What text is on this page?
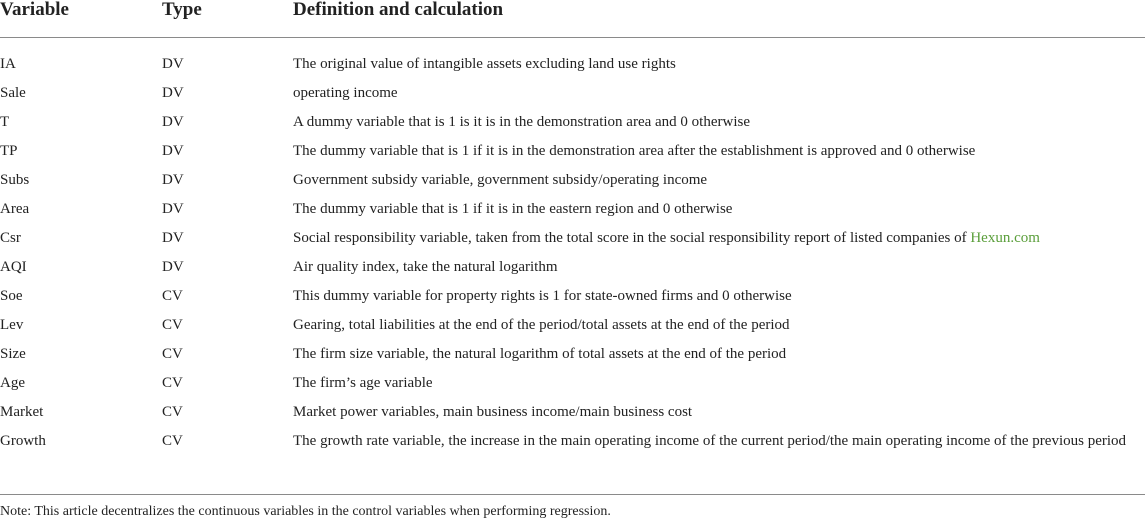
Variable	Type	Definition and calculation
IA	DV	The original value of intangible assets excluding land use rights
Sale	DV	operating income
T	DV	A dummy variable that is 1 is it is in the demonstration area and 0 otherwise
TP	DV	The dummy variable that is 1 if it is in the demonstration area after the establishment is approved and 0 otherwise
Subs	DV	Government subsidy variable, government subsidy/operating income
Area	DV	The dummy variable that is 1 if it is in the eastern region and 0 otherwise
Csr	DV	Social responsibility variable, taken from the total score in the social responsibility report of listed companies of Hexun.com
AQI	DV	Air quality index, take the natural logarithm
Soe	CV	This dummy variable for property rights is 1 for state-owned firms and 0 otherwise
Lev	CV	Gearing, total liabilities at the end of the period/total assets at the end of the period
Size	CV	The firm size variable, the natural logarithm of total assets at the end of the period
Age	CV	The firm’s age variable
Market	CV	Market power variables, main business income/main business cost
Growth	CV	The growth rate variable, the increase in the main operating income of the current period/the main operating income of the previous period
Note: This article decentralizes the continuous variables in the control variables when performing regression.
